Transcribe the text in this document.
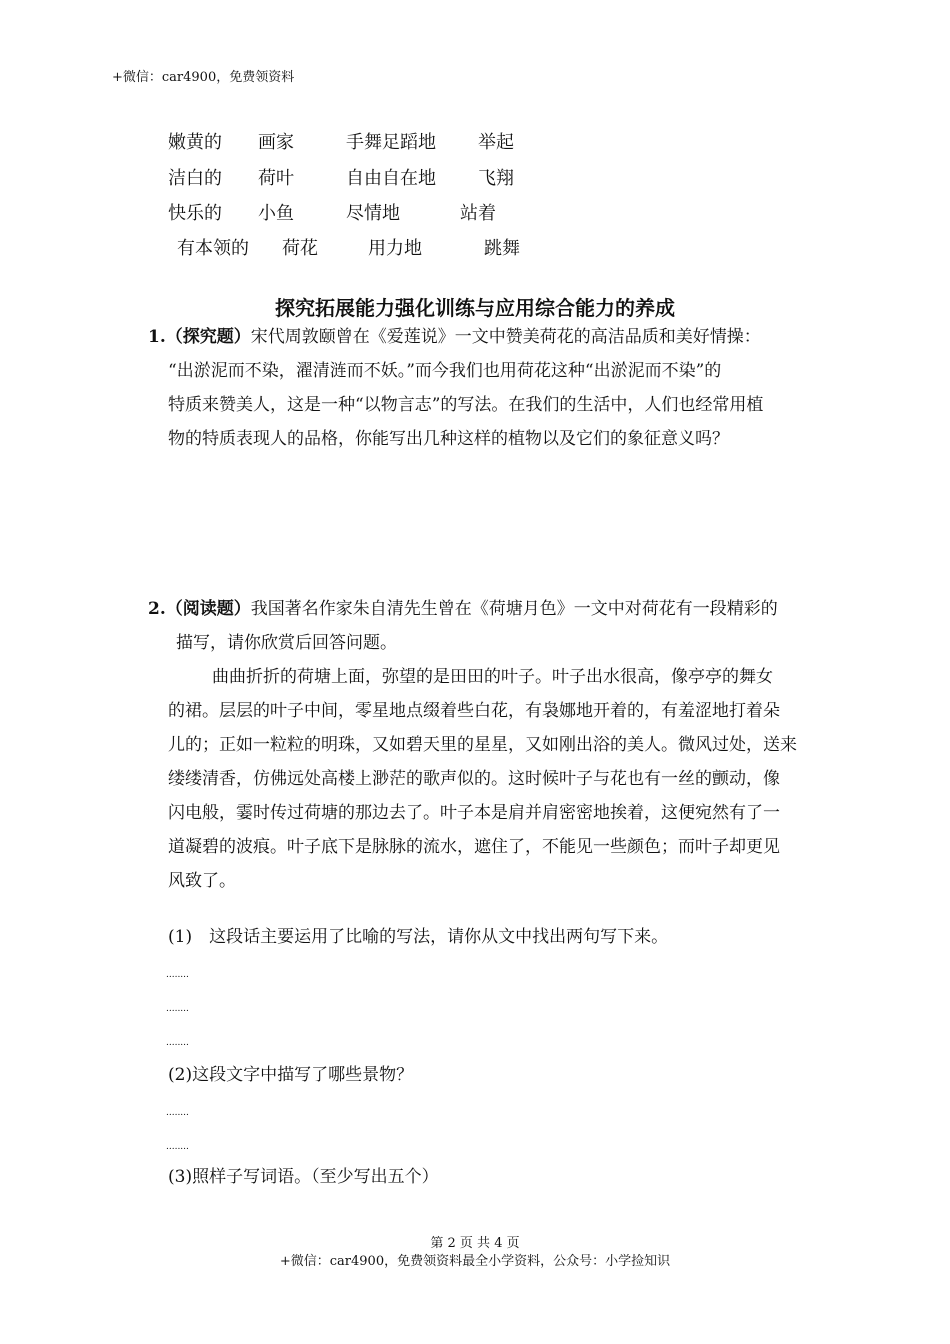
+微信：car4900，免费领资料
嫩黄的 画家	手舞足蹈地 举起
洁白的 荷叶	自由自在地 飞翔
快乐的 小鱼	尽情地	站着
有本领的 荷花	用力地	跳舞
探究拓展能力强化训练与应用综合能力的养成
1.（探究题）宋代周敦颐曾在《爱莲说》一文中赞美荷花的高洁品质和美好情操：
“出淤泥而不染，濯清涟而不妖。”而今我们也用荷花这种“出淤泥而不染”的
特质来赞美人，这是一种“以物言志”的写法。在我们的生活中，人们也经常用植
物的特质表现人的品格，你能写出几种这样的植物以及它们的象征意义吗？
2.（阅读题）我国著名作家朱自清先生曾在《荷塘月色》一文中对荷花有一段精彩的
描写，请你欣赏后回答问题。
曲曲折折的荷塘上面，弥望的是田田的叶子。叶子出水很高，像亭亭的舞女
的裙。层层的叶子中间，零星地点缀着些白花，有袅娜地开着的，有羞涩地打着朵
儿的；正如一粒粒的明珠，又如碧天里的星星，又如刚出浴的美人。微风过处，送来
缕缕清香，仿佛远处高楼上渺茫的歌声似的。这时候叶子与花也有一丝的颤动，像
闪电般，霎时传过荷塘的那边去了。叶子本是肩并肩密密地挨着，这便宛然有了一
道凝碧的波痕。叶子底下是脉脉的流水，遮住了，不能见一些颜色；而叶子却更见
风致了。
(1)　这段话主要运用了比喻的写法，请你从文中找出两句写下来。
........
........
........
(2)这段文字中描写了哪些景物？
........
........
(3)照样子写词语。（至少写出五个）
第 2 页 共 4 页
+微信：car4900，免费领资料最全小学资料，公众号：小学捡知识
